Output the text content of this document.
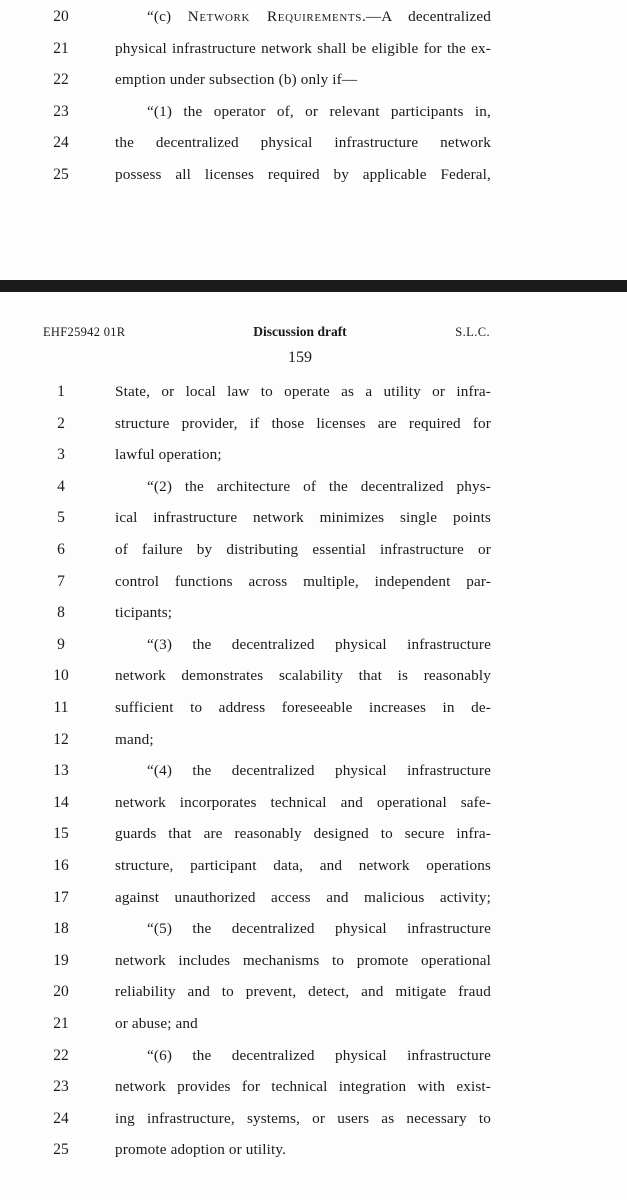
20	“(c) Network Requirements.—A decentralized
21	physical infrastructure network shall be eligible for the ex-
22	emption under subsection (b) only if—
23	“(1) the operator of, or relevant participants in,
24	the decentralized physical infrastructure network
25	possess all licenses required by applicable Federal,
EHF25942 01R	Discussion draft	S.L.C.
159
1	State, or local law to operate as a utility or infra-
2	structure provider, if those licenses are required for
3	lawful operation;
4	“(2) the architecture of the decentralized phys-
5	ical infrastructure network minimizes single points
6	of failure by distributing essential infrastructure or
7	control functions across multiple, independent par-
8	ticipants;
9	“(3) the decentralized physical infrastructure
10	network demonstrates scalability that is reasonably
11	sufficient to address foreseeable increases in de-
12	mand;
13	“(4) the decentralized physical infrastructure
14	network incorporates technical and operational safe-
15	guards that are reasonably designed to secure infra-
16	structure, participant data, and network operations
17	against unauthorized access and malicious activity;
18	“(5) the decentralized physical infrastructure
19	network includes mechanisms to promote operational
20	reliability and to prevent, detect, and mitigate fraud
21	or abuse; and
22	“(6) the decentralized physical infrastructure
23	network provides for technical integration with exist-
24	ing infrastructure, systems, or users as necessary to
25	promote adoption or utility.
